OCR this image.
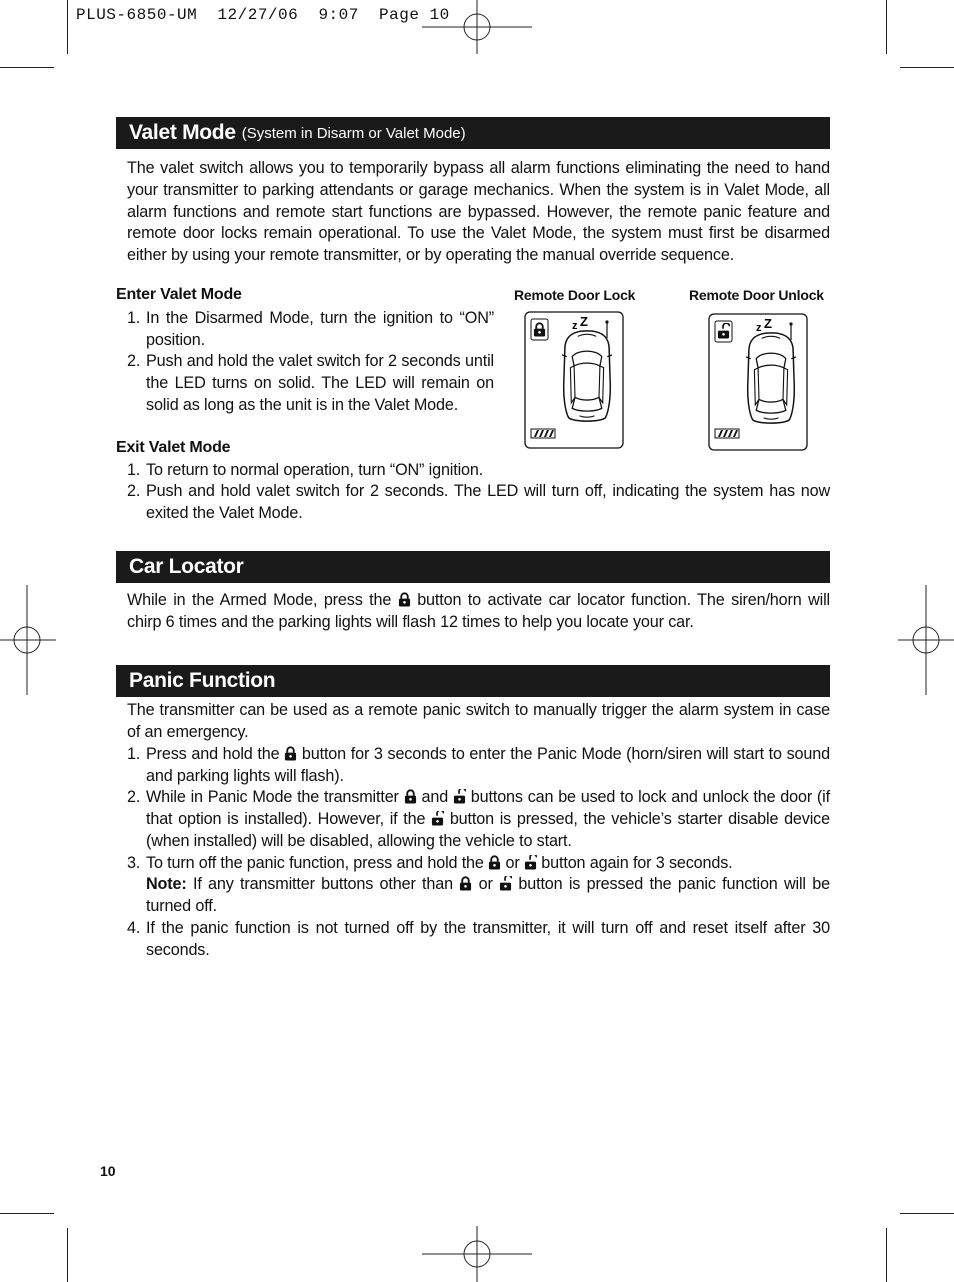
PLUS-6850-UM  12/27/06  9:07  Page 10
Valet Mode (System in Disarm or Valet Mode)
The valet switch allows you to temporarily bypass all alarm functions eliminating the need to hand your transmitter to parking attendants or garage mechanics. When the system is in Valet Mode, all alarm functions and remote start functions are bypassed. However, the remote panic feature and remote door locks remain operational. To use the Valet Mode, the system must first be disarmed either by using your remote transmitter, or by operating the manual override sequence.
Enter Valet Mode
1. In the Disarmed Mode, turn the ignition to “ON” position.
2. Push and hold the valet switch for 2 seconds until the LED turns on solid. The LED will remain on solid as long as the unit is in the Valet Mode.
Remote Door Lock	Remote Door Unlock
z Z	z Z
Exit Valet Mode
1. To return to normal operation, turn “ON” ignition.
2. Push and hold valet switch for 2 seconds. The LED will turn off, indicating the system has now exited the Valet Mode.
Car Locator
While in the Armed Mode, press the button to activate car locator function. The siren/horn will chirp 6 times and the parking lights will flash 12 times to help you locate your car.
Panic Function
The transmitter can be used as a remote panic switch to manually trigger the alarm system in case of an emergency.
1. Press and hold the button for 3 seconds to enter the Panic Mode (horn/siren will start to sound and parking lights will flash).
2. While in Panic Mode the transmitter and buttons can be used to lock and unlock the door (if that option is installed). However, if the button is pressed, the vehicle’s starter disable device (when installed) will be disabled, allowing the vehicle to start.
3. To turn off the panic function, press and hold the or button again for 3 seconds.
Note: If any transmitter buttons other than or button is pressed the panic function will be turned off.
4. If the panic function is not turned off by the transmitter, it will turn off and reset itself after 30 seconds.
10
